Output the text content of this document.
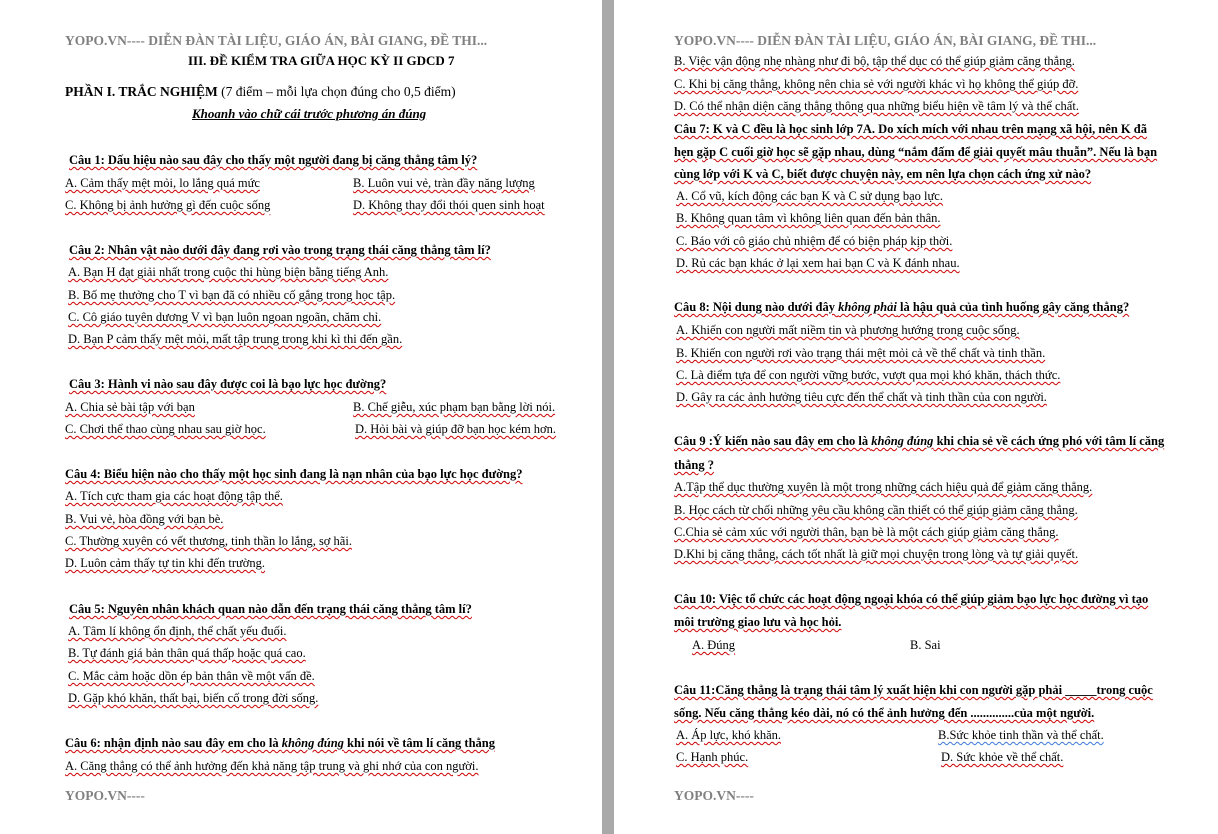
YOPO.VN---- DIỄN ĐÀN TÀI LIỆU, GIÁO ÁN, BÀI GIANG, ĐỀ THI...
III. ĐỀ KIỂM TRA GIỮA HỌC KỲ II GDCD 7
PHẦN I. TRẮC NGHIỆM (7 điểm – mỗi lựa chọn đúng cho 0,5 điểm)
Khoanh vào chữ cái trước phương án đúng
Câu 1: Dấu hiệu nào sau đây cho thấy một người đang bị căng thẳng tâm lý?
A. Cảm thấy mệt mỏi, lo lắng quá mức	B. Luôn vui vẻ, tràn đầy năng lượng
C. Không bị ảnh hưởng gì đến cuộc sống	D. Không thay đổi thói quen sinh hoạt
Câu 2: Nhân vật nào dưới đây đang rơi vào trong trạng thái căng thẳng tâm lí?
A. Bạn H đạt giải nhất trong cuộc thi hùng biện bằng tiếng Anh.
B. Bố mẹ thưởng cho T vì bạn đã có nhiều cố gắng trong học tập.
C. Cô giáo tuyên dương V vì bạn luôn ngoan ngoãn, chăm chỉ.
D. Bạn P cảm thấy mệt mỏi, mất tập trung trong khi kì thi đến gần.
Câu 3: Hành vi nào sau đây được coi là bạo lực học đường?
A. Chia sẻ bài tập với bạn	B. Chế giễu, xúc phạm bạn bằng lời nói.
C. Chơi thể thao cùng nhau sau giờ học.	D. Hỏi bài và giúp đỡ bạn học kém hơn.
Câu 4: Biểu hiện nào cho thấy một học sinh đang là nạn nhân của bạo lực học đường?
A. Tích cực tham gia các hoạt động tập thể.
B. Vui vẻ, hòa đồng với bạn bè.
C. Thường xuyên có vết thương, tinh thần lo lắng, sợ hãi.
D. Luôn cảm thấy tự tin khi đến trường.
Câu 5: Nguyên nhân khách quan nào dẫn đến trạng thái căng thẳng tâm lí?
A. Tâm lí không ổn định, thể chất yếu đuối.
B. Tự đánh giá bản thân quá thấp hoặc quá cao.
C. Mắc cảm hoặc dồn ép bản thân về một vấn đề.
D. Gặp khó khăn, thất bại, biến cố trong đời sống.
Câu 6: nhận định nào sau đây em cho là không đúng khi nói về tâm lí căng thẳng
A. Căng thẳng có thể ảnh hưởng đến khả năng tập trung và ghi nhớ của con người.
YOPO.VN----
YOPO.VN---- DIỄN ĐÀN TÀI LIỆU, GIÁO ÁN, BÀI GIANG, ĐỀ THI...
B. Việc vận động nhẹ nhàng như đi bộ, tập thể dục có thể giúp giảm căng thẳng.
C. Khi bị căng thẳng, không nên chia sẻ với người khác vì họ không thể giúp đỡ.
D. Có thể nhận diện căng thẳng thông qua những biểu hiện về tâm lý và thể chất.
Câu 7: K và C đều là học sinh lớp 7A. Do xích mích với nhau trên mạng xã hội, nên K đã
hẹn gặp C cuối giờ học sẽ gặp nhau, dùng “nắm đấm để giải quyết mâu thuẫn”. Nếu là bạn
cùng lớp với K và C, biết được chuyện này, em nên lựa chọn cách ứng xử nào?
A. Cổ vũ, kích động các bạn K và C sử dụng bạo lực.
B. Không quan tâm vì không liên quan đến bản thân.
C. Báo với cô giáo chủ nhiệm để có biện pháp kịp thời.
D. Rủ các bạn khác ở lại xem hai bạn C và K đánh nhau.
Câu 8: Nội dung nào dưới đây không phải là hậu quả của tình huống gây căng thẳng?
A. Khiến con người mất niềm tin và phương hướng trong cuộc sống.
B. Khiến con người rơi vào trạng thái mệt mỏi cả về thể chất và tinh thần.
C. Là điểm tựa để con người vững bước, vượt qua mọi khó khăn, thách thức.
D. Gây ra các ảnh hưởng tiêu cực đến thể chất và tinh thần của con người.
Câu 9 :Ý kiến nào sau đây em cho là không đúng khi chia sẻ về cách ứng phó với tâm lí căng
thẳng ?
A.Tập thể dục thường xuyên là một trong những cách hiệu quả để giảm căng thẳng.
B. Học cách từ chối những yêu cầu không cần thiết có thể giúp giảm căng thẳng.
C.Chia sẻ cảm xúc với người thân, bạn bè là một cách giúp giảm căng thẳng.
D.Khi bị căng thẳng, cách tốt nhất là giữ mọi chuyện trong lòng và tự giải quyết.
Câu 10: Việc tổ chức các hoạt động ngoại khóa có thể giúp giảm bạo lực học đường vì tạo
môi trường giao lưu và học hỏi.
A. Đúng	B. Sai
Câu 11:Căng thẳng là trạng thái tâm lý xuất hiện khi con người gặp phải _____trong cuộc
sống. Nếu căng thẳng kéo dài, nó có thể ảnh hưởng đến ..............của một người.
A. Áp lực, khó khăn.	B.Sức khỏe tinh thần và thể chất.
C. Hạnh phúc.	D. Sức khỏe về thể chất.
YOPO.VN----
